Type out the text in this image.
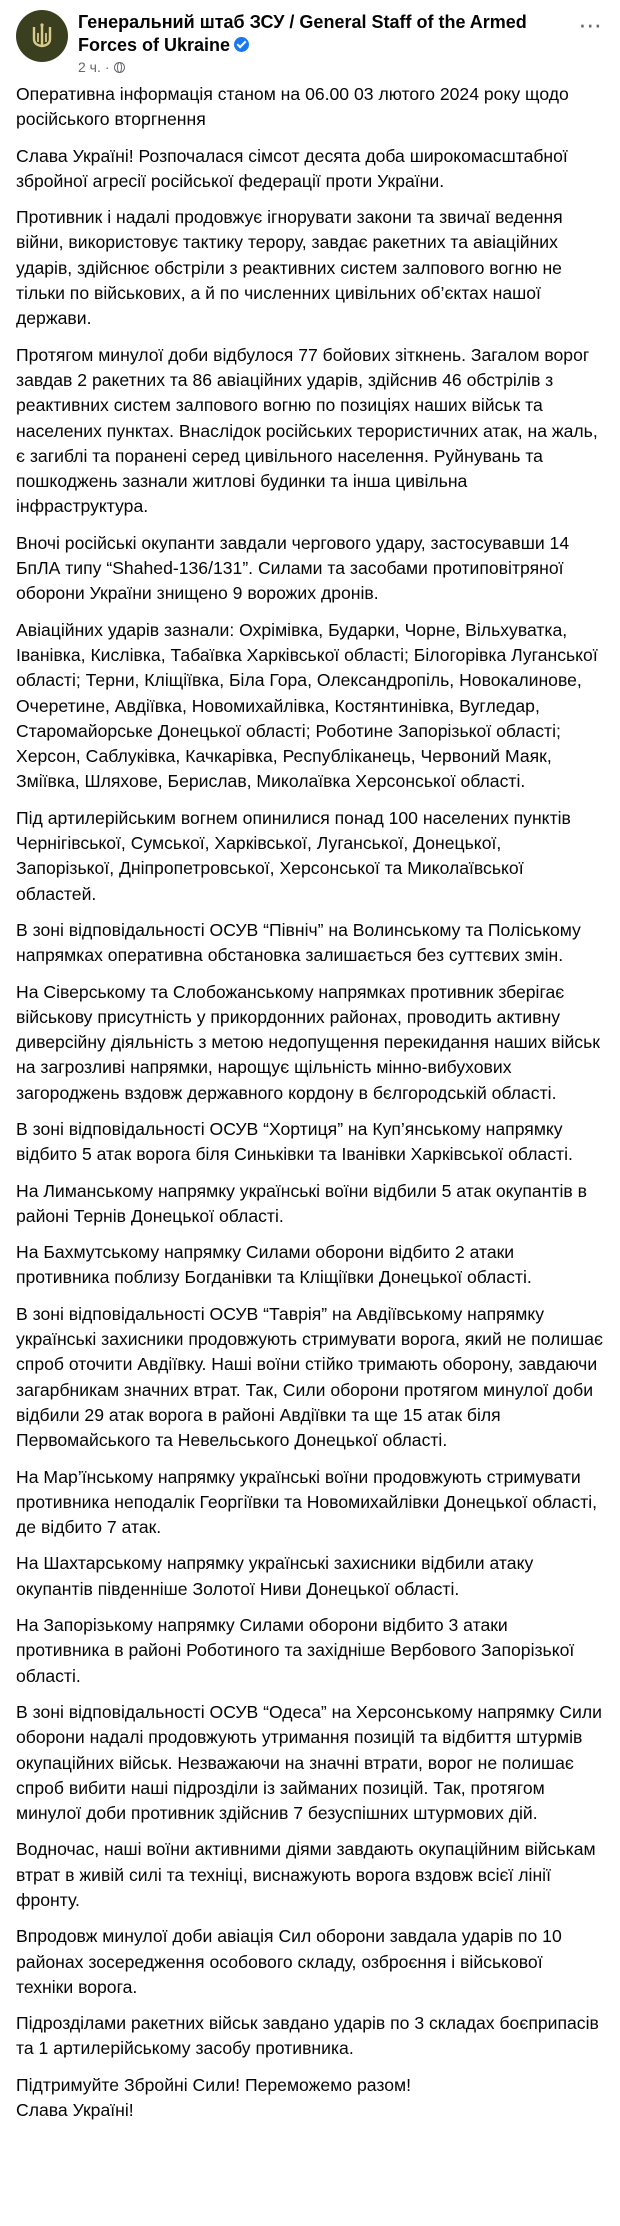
Генеральний штаб ЗСУ / General Staff of the Armed Forces of Ukraine
2 ч. ·
···

Оперативна інформація станом на 06.00 03 лютого 2024 року щодо російського вторгнення

Слава Україні! Розпочалася сімсот десята доба широкомасштабної збройної агресії російської федерації проти України.

Противник і надалі продовжує ігнорувати закони та звичаї ведення війни, використовує тактику терору, завдає ракетних та авіаційних ударів, здійснює обстріли з реактивних систем залпового вогню не тільки по військових, а й по численних цивільних об’єктах нашої держави.

Протягом минулої доби відбулося 77 бойових зіткнень. Загалом ворог завдав 2 ракетних та 86 авіаційних ударів, здійснив 46 обстрілів з реактивних систем залпового вогню по позиціях наших військ та населених пунктах. Внаслідок російських терористичних атак, на жаль, є загиблі та поранені серед цивільного населення. Руйнувань та пошкоджень зазнали житлові будинки та інша цивільна інфраструктура.

Вночі російські окупанти завдали чергового удару, застосувавши 14 БпЛА типу “Shahed-136/131”. Силами та засобами протиповітряної оборони України знищено 9 ворожих дронів.

Авіаційних ударів зазнали: Охрімівка, Бударки, Чорне, Вільхуватка, Іванівка, Кислівка, Табаївка Харківської області; Білогорівка Луганської області; Терни, Кліщіївка, Біла Гора, Олександропіль, Новокалинове, Очеретине, Авдіївка, Новомихайлівка, Костянтинівка, Вугледар, Старомайорське Донецької області; Роботине Запорізької області; Херсон, Саблуківка, Качкарівка, Республіканець, Червоний Маяк, Зміївка, Шляхове, Берислав, Миколаївка Херсонської області.

Під артилерійським вогнем опинилися понад 100 населених пунктів Чернігівської, Сумської, Харківської, Луганської, Донецької, Запорізької, Дніпропетровської, Херсонської та Миколаївської областей.

В зоні відповідальності ОСУВ “Північ” на Волинському та Поліському напрямках оперативна обстановка залишається без суттєвих змін.

На Сіверському та Слобожанському напрямках противник зберігає військову присутність у прикордонних районах, проводить активну диверсійну діяльність з метою недопущення перекидання наших військ на загрозливі напрямки, нарощує щільність мінно-вибухових загороджень вздовж державного кордону в бєлгородській області.

В зоні відповідальності ОСУВ “Хортиця” на Куп’янському напрямку відбито 5 атак ворога біля Синьківки та Іванівки Харківської області.

На Лиманському напрямку українські воїни відбили 5 атак окупантів в районі Тернів Донецької області.

На Бахмутському напрямку Силами оборони відбито 2 атаки противника поблизу Богданівки та Кліщіївки Донецької області.

В зоні відповідальності ОСУВ “Таврія” на Авдіївському напрямку українські захисники продовжують стримувати ворога, який не полишає спроб оточити Авдіївку. Наші воїни стійко тримають оборону, завдаючи загарбникам значних втрат. Так, Сили оборони протягом минулої доби відбили 29 атак ворога в районі Авдіївки та ще 15 атак біля Первомайського та Невельського Донецької області.

На Мар’їнському напрямку українські воїни продовжують стримувати противника неподалік Георгіївки та Новомихайлівки Донецької області, де відбито 7 атак.

На Шахтарському напрямку українські захисники відбили атаку окупантів південніше Золотої Ниви Донецької області.

На Запорізькому напрямку Силами оборони відбито 3 атаки противника в районі Роботиного та західніше Вербового Запорізької області.

В зоні відповідальності ОСУВ “Одеса” на Херсонському напрямку Сили оборони надалі продовжують утримання позицій та відбиття штурмів окупаційних військ. Незважаючи на значні втрати, ворог не полишає спроб вибити наші підрозділи із займаних позицій. Так, протягом минулої доби противник здійснив 7 безуспішних штурмових дій.

Водночас, наші воїни активними діями завдають окупаційним військам втрат в живій силі та техніці, виснажують ворога вздовж всієї лінії фронту.

Впродовж минулої доби авіація Сил оборони завдала ударів по 10 районах зосередження особового складу, озброєння і військової техніки ворога.

Підрозділами ракетних військ завдано ударів по 3 складах боєприпасів та 1 артилерійському засобу противника.

Підтримуйте Збройні Сили! Переможемо разом!
Слава Україні!
